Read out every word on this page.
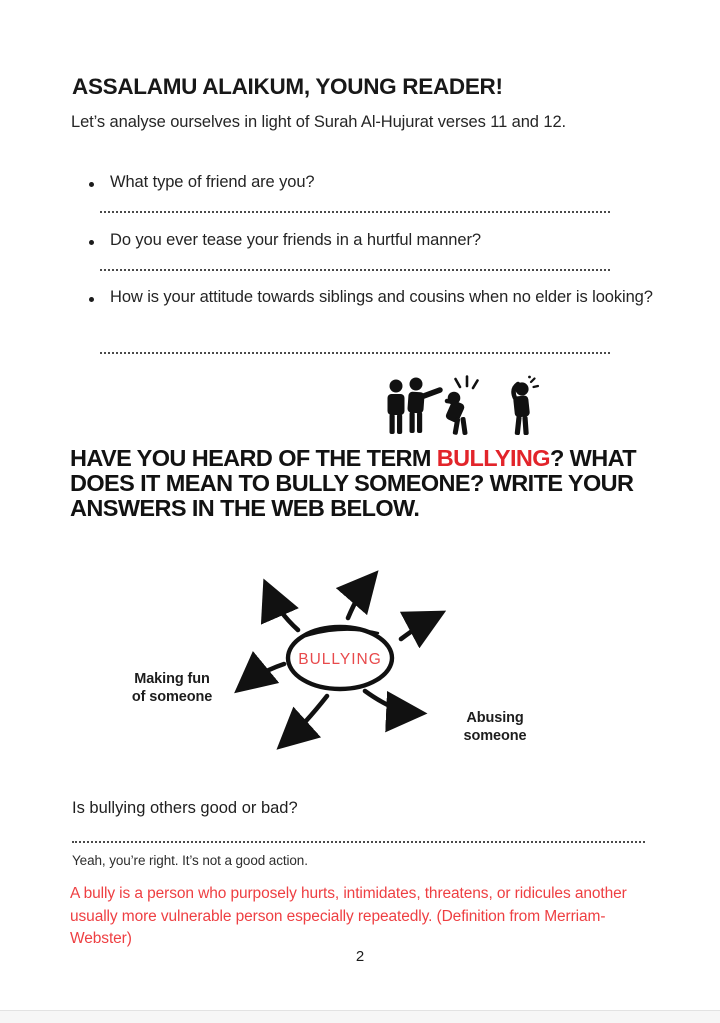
ASSALAMU ALAIKUM, YOUNG READER!

Let’s analyse ourselves in light of Surah Al-Hujurat verses 11 and 12.

What type of friend are you?

Do you ever tease your friends in a hurtful manner?

How is your attitude towards siblings and cousins when no elder is looking?

HAVE YOU HEARD OF THE TERM BULLYING? WHAT DOES IT MEAN TO BULLY SOMEONE? WRITE YOUR ANSWERS IN THE WEB BELOW.

BULLYING
Making fun
of someone
Abusing
someone

Is bullying others good or bad?

Yeah, you’re right. It’s not a good action.

A bully is a person who purposely hurts, intimidates, threatens, or ridicules another usually more vulnerable person especially repeatedly. (Definition from Merriam-Webster)

2
